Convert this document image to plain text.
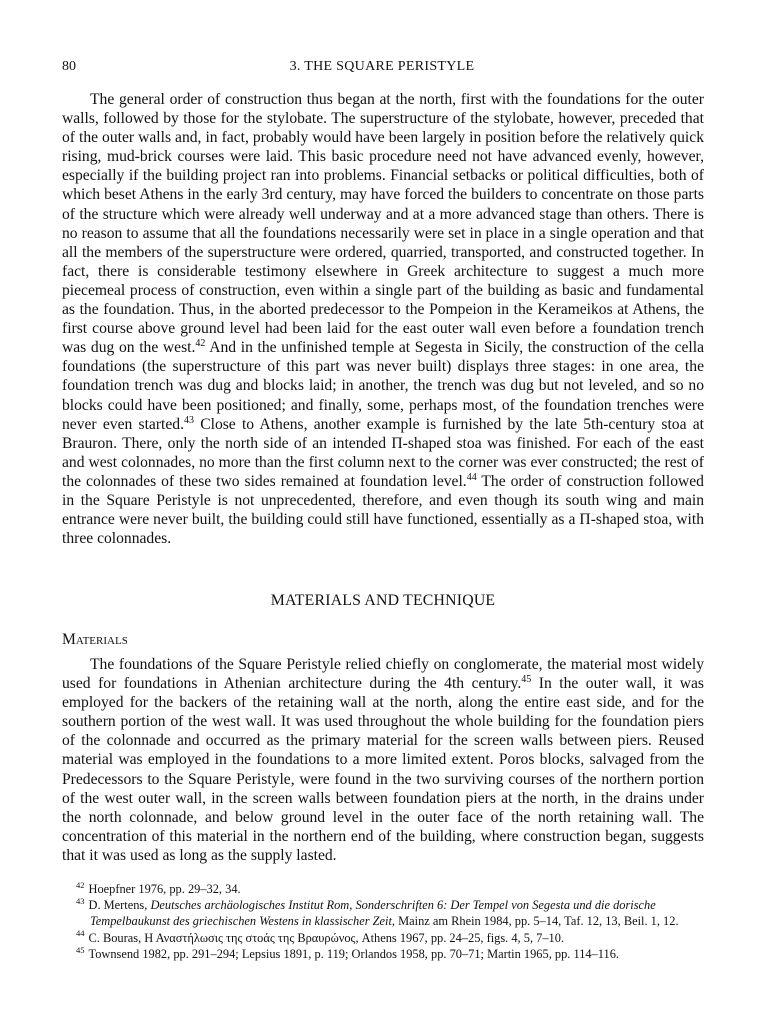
80	3. THE SQUARE PERISTYLE

The general order of construction thus began at the north, first with the foundations for the outer walls, followed by those for the stylobate. The superstructure of the stylobate, however, preceded that of the outer walls and, in fact, probably would have been largely in position before the relatively quick rising, mud-brick courses were laid. This basic procedure need not have advanced evenly, however, especially if the building project ran into problems. Financial setbacks or political difficulties, both of which beset Athens in the early 3rd century, may have forced the builders to concentrate on those parts of the structure which were already well underway and at a more advanced stage than others. There is no reason to assume that all the foundations necessarily were set in place in a single operation and that all the members of the superstructure were ordered, quarried, transported, and constructed together. In fact, there is considerable testimony elsewhere in Greek architecture to suggest a much more piecemeal process of construction, even within a single part of the building as basic and fundamental as the foundation. Thus, in the aborted predecessor to the Pompeion in the Kerameikos at Athens, the first course above ground level had been laid for the east outer wall even before a foundation trench was dug on the west.$^{42}$ And in the unfinished temple at Segesta in Sicily, the construction of the cella foundations (the superstructure of this part was never built) displays three stages: in one area, the foundation trench was dug and blocks laid; in another, the trench was dug but not leveled, and so no blocks could have been positioned; and finally, some, perhaps most, of the foundation trenches were never even started.$^{43}$ Close to Athens, another example is furnished by the late 5th-century stoa at Brauron. There, only the north side of an intended Π-shaped stoa was finished. For each of the east and west colonnades, no more than the first column next to the corner was ever constructed; the rest of the colonnades of these two sides remained at foundation level.$^{44}$ The order of construction followed in the Square Peristyle is not unprecedented, therefore, and even though its south wing and main entrance were never built, the building could still have functioned, essentially as a Π-shaped stoa, with three colonnades.

MATERIALS AND TECHNIQUE
Materials

The foundations of the Square Peristyle relied chiefly on conglomerate, the material most widely used for foundations in Athenian architecture during the 4th century.$^{45}$ In the outer wall, it was employed for the backers of the retaining wall at the north, along the entire east side, and for the southern portion of the west wall. It was used throughout the whole building for the foundation piers of the colonnade and occurred as the primary material for the screen walls between piers. Reused material was employed in the foundations to a more limited extent. Poros blocks, salvaged from the Predecessors to the Square Peristyle, were found in the two surviving courses of the northern portion of the west outer wall, in the screen walls between foundation piers at the north, in the drains under the north colonnade, and below ground level in the outer face of the north retaining wall. The concentration of this material in the northern end of the building, where construction began, suggests that it was used as long as the supply lasted.

$^{42}$ Hoepfner 1976, pp. 29–32, 34.

$^{43}$ D. Mertens, Deutsches archäologisches Institut Rom, Sonderschriften 6: Der Tempel von Segesta und die dorische Tempelbaukunst des griechischen Westens in klassischer Zeit, Mainz am Rhein 1984, pp. 5–14, Taf. 12, 13, Beil. 1, 12.

$^{44}$ C. Bouras, Η Αναστήλωσις της στοάς της Βραυρώνος, Athens 1967, pp. 24–25, figs. 4, 5, 7–10.

$^{45}$ Townsend 1982, pp. 291–294; Lepsius 1891, p. 119; Orlandos 1958, pp. 70–71; Martin 1965, pp. 114–116.
